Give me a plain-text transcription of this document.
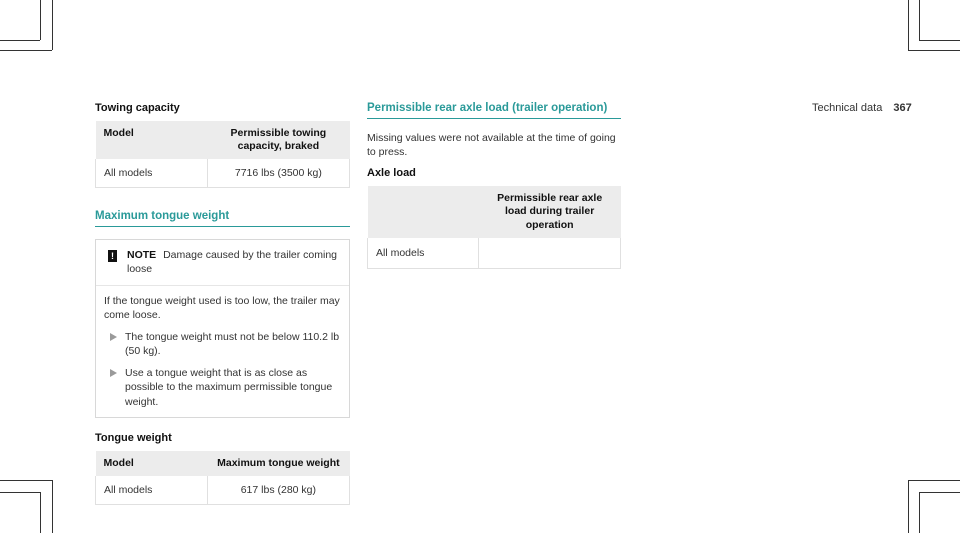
Technical data 367
Towing capacity
Model	Permissible towing capacity, braked
All models	7716 lbs (3500 kg)
Maximum tongue weight
! NOTE Damage caused by the trailer coming loose
If the tongue weight used is too low, the trailer may come loose.
The tongue weight must not be below 110.2 lb (50 kg).
Use a tongue weight that is as close as possible to the maximum permissible tongue weight.
Tongue weight
Model	Maximum tongue weight
All models	617 lbs (280 kg)
Permissible rear axle load (trailer operation)
Missing values were not available at the time of going to press.
Axle load
	Permissible rear axle load during trailer operation
All models	
